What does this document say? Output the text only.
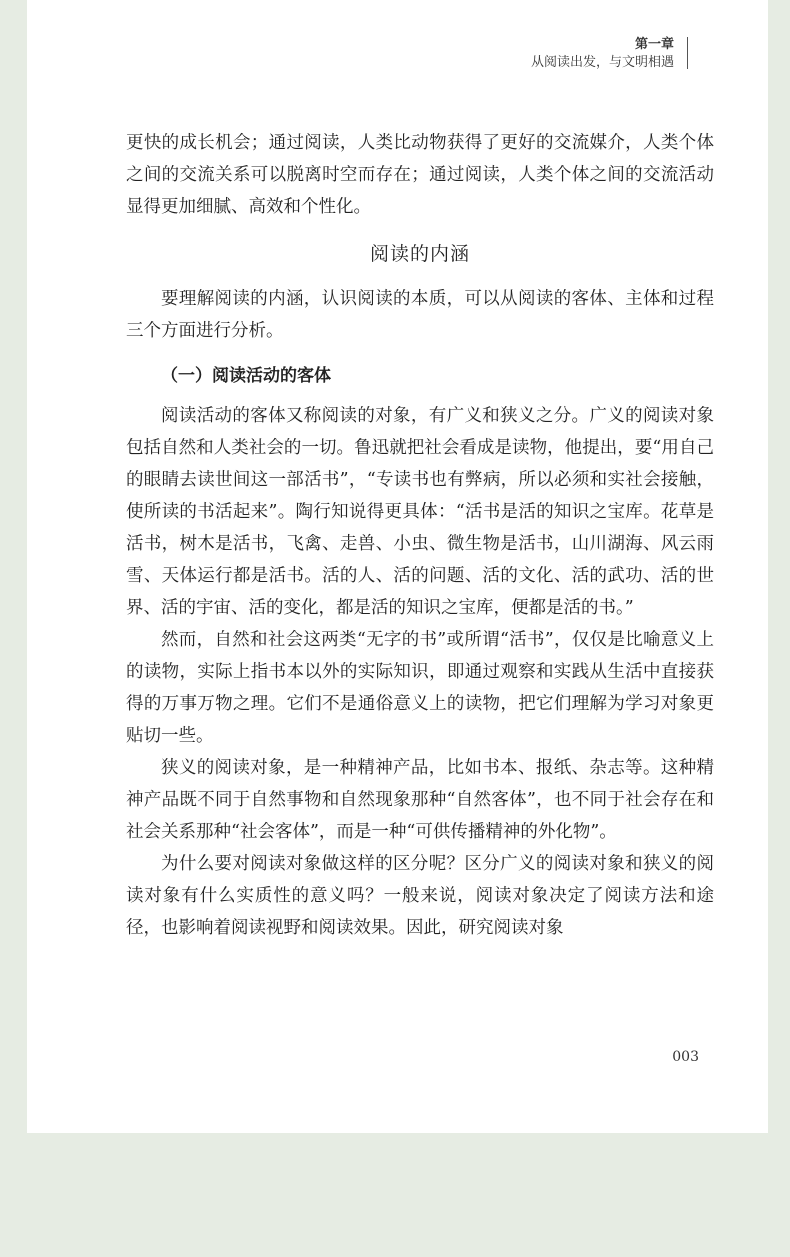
第一章
从阅读出发，与文明相遇

更快的成长机会；通过阅读，人类比动物获得了更好的交流媒介，人类个体之间的交流关系可以脱离时空而存在；通过阅读，人类个体之间的交流活动显得更加细腻、高效和个性化。

阅读的内涵

要理解阅读的内涵，认识阅读的本质，可以从阅读的客体、主体和过程三个方面进行分析。

（一）阅读活动的客体

阅读活动的客体又称阅读的对象，有广义和狭义之分。广义的阅读对象包括自然和人类社会的一切。鲁迅就把社会看成是读物，他提出，要“用自己的眼睛去读世间这一部活书”，“专读书也有弊病，所以必须和实社会接触，使所读的书活起来”。陶行知说得更具体：“活书是活的知识之宝库。花草是活书，树木是活书，飞禽、走兽、小虫、微生物是活书，山川湖海、风云雨雪、天体运行都是活书。活的人、活的问题、活的文化、活的武功、活的世界、活的宇宙、活的变化，都是活的知识之宝库，便都是活的书。”

然而，自然和社会这两类“无字的书”或所谓“活书”，仅仅是比喻意义上的读物，实际上指书本以外的实际知识，即通过观察和实践从生活中直接获得的万事万物之理。它们不是通俗意义上的读物，把它们理解为学习对象更贴切一些。

狭义的阅读对象，是一种精神产品，比如书本、报纸、杂志等。这种精神产品既不同于自然事物和自然现象那种“自然客体”，也不同于社会存在和社会关系那种“社会客体”，而是一种“可供传播精神的外化物”。

为什么要对阅读对象做这样的区分呢？区分广义的阅读对象和狭义的阅读对象有什么实质性的意义吗？一般来说，阅读对象决定了阅读方法和途径，也影响着阅读视野和阅读效果。因此，研究阅读对象

003
